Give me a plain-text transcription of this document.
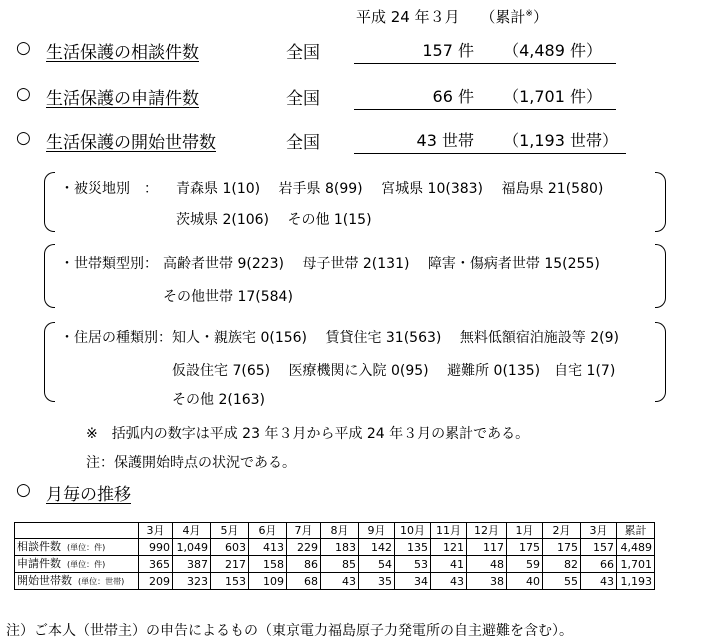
平成 24 年３月 （累計※）
○ 生活保護の相談件数	全国	157 件 （4,489 件）
○ 生活保護の申請件数	全国	66 件 （1,701 件）
○ 生活保護の開始世帯数	全国	43 世帯 （1,193 世帯）
・被災地別　： 青森県 1(10)　 岩手県 8(99)　 宮城県 10(383)　 福島県 21(580)
茨城県 2(106)　 その他 1(15)
・世帯類型別： 高齢者世帯 9(223)　 母子世帯 2(131)　 障害・傷病者世帯 15(255)
その他世帯 17(584)
・住居の種類別： 知人・親族宅 0(156)　 賃貸住宅 31(563)　 無料低額宿泊施設等 2(9)
仮設住宅 7(65)　 医療機関に入院 0(95)　 避難所 0(135)　自宅 1(7)
その他 2(163)
※　括弧内の数字は平成 23 年３月から平成 24 年３月の累計である。
注：保護開始時点の状況である。
○ 月毎の推移
	3月	4月	5月	6月	7月	8月	9月	10月	11月	12月	1月	2月	3月	累計
相談件数 (単位：件)	990	1,049	603	413	229	183	142	135	121	117	175	175	157	4,489
申請件数 (単位：件)	365	387	217	158	86	85	54	53	41	48	59	82	66	1,701
開始世帯数 (単位：世帯)	209	323	153	109	68	43	35	34	43	38	40	55	43	1,193
注）ご本人（世帯主）の申告によるもの（東京電力福島原子力発電所の自主避難を含む）。
